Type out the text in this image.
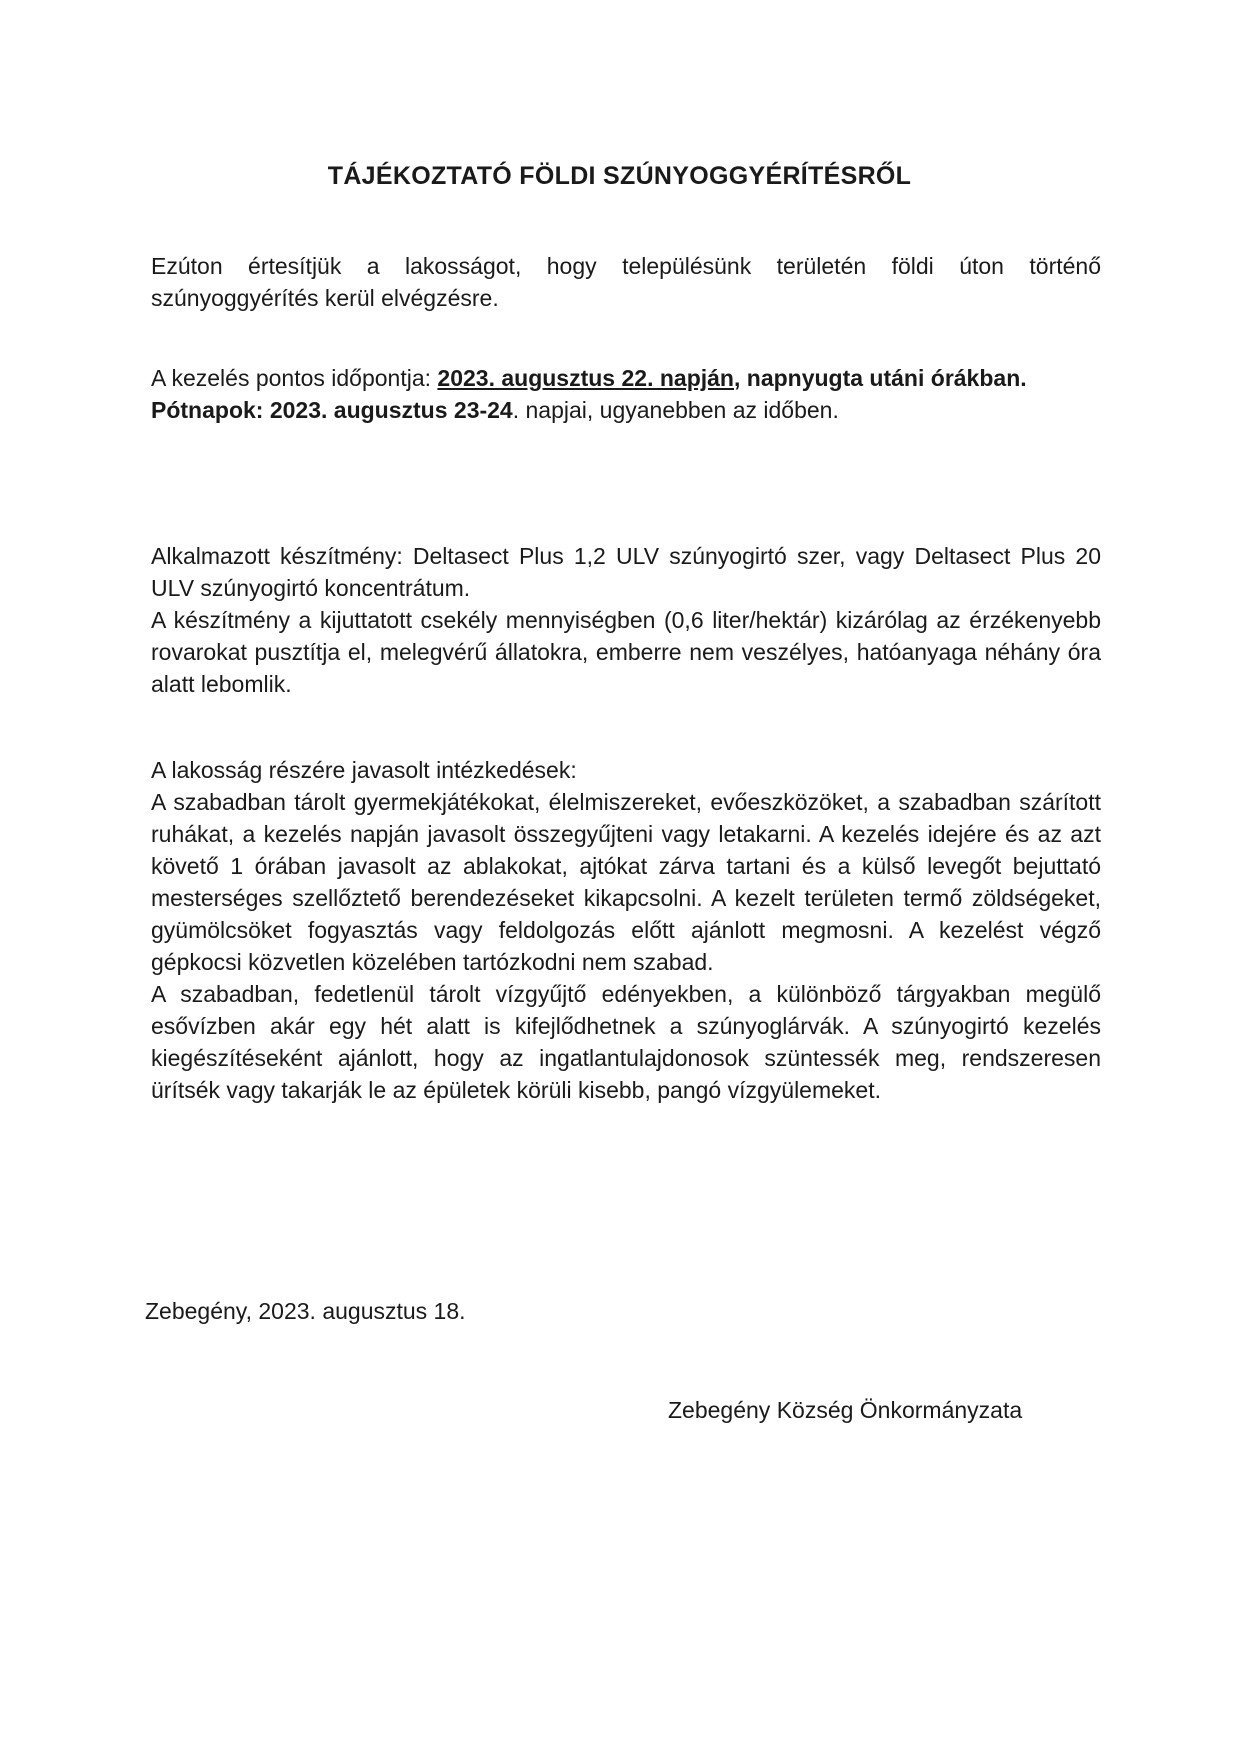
TÁJÉKOZTATÓ FÖLDI SZÚNYOGGYÉRÍTÉSRŐL

Ezúton értesítjük a lakosságot, hogy településünk területén földi úton történő szúnyoggyérítés kerül elvégzésre.

A kezelés pontos időpontja: 2023. augusztus 22. napján, napnyugta utáni órákban.
Pótnapok: 2023. augusztus 23-24. napjai, ugyanebben az időben.
Alkalmazott készítmény: Deltasect Plus 1,2 ULV szúnyogirtó szer, vagy Deltasect Plus 20 ULV szúnyogirtó koncentrátum.
A készítmény a kijuttatott csekély mennyiségben (0,6 liter/hektár) kizárólag az érzékenyebb rovarokat pusztítja el, melegvérű állatokra, emberre nem veszélyes, hatóanyaga néhány óra alatt lebomlik.
A lakosság részére javasolt intézkedések:
A szabadban tárolt gyermekjátékokat, élelmiszereket, evőeszközöket, a szabadban szárított ruhákat, a kezelés napján javasolt összegyűjteni vagy letakarni. A kezelés idejére és az azt követő 1 órában javasolt az ablakokat, ajtókat zárva tartani és a külső levegőt bejuttató mesterséges szellőztető berendezéseket kikapcsolni. A kezelt területen termő zöldségeket, gyümölcsöket fogyasztás vagy feldolgozás előtt ajánlott megmosni. A kezelést végző gépkocsi közvetlen közelében tartózkodni nem szabad.
A szabadban, fedetlenül tárolt vízgyűjtő edényekben, a különböző tárgyakban megülő esővízben akár egy hét alatt is kifejlődhetnek a szúnyoglárvák. A szúnyogirtó kezelés kiegészítéseként ajánlott, hogy az ingatlantulajdonosok szüntessék meg, rendszeresen ürítsék vagy takarják le az épületek körüli kisebb, pangó vízgyülemeket.

Zebegény, 2023. augusztus 18.

Zebegény Község Önkormányzata
